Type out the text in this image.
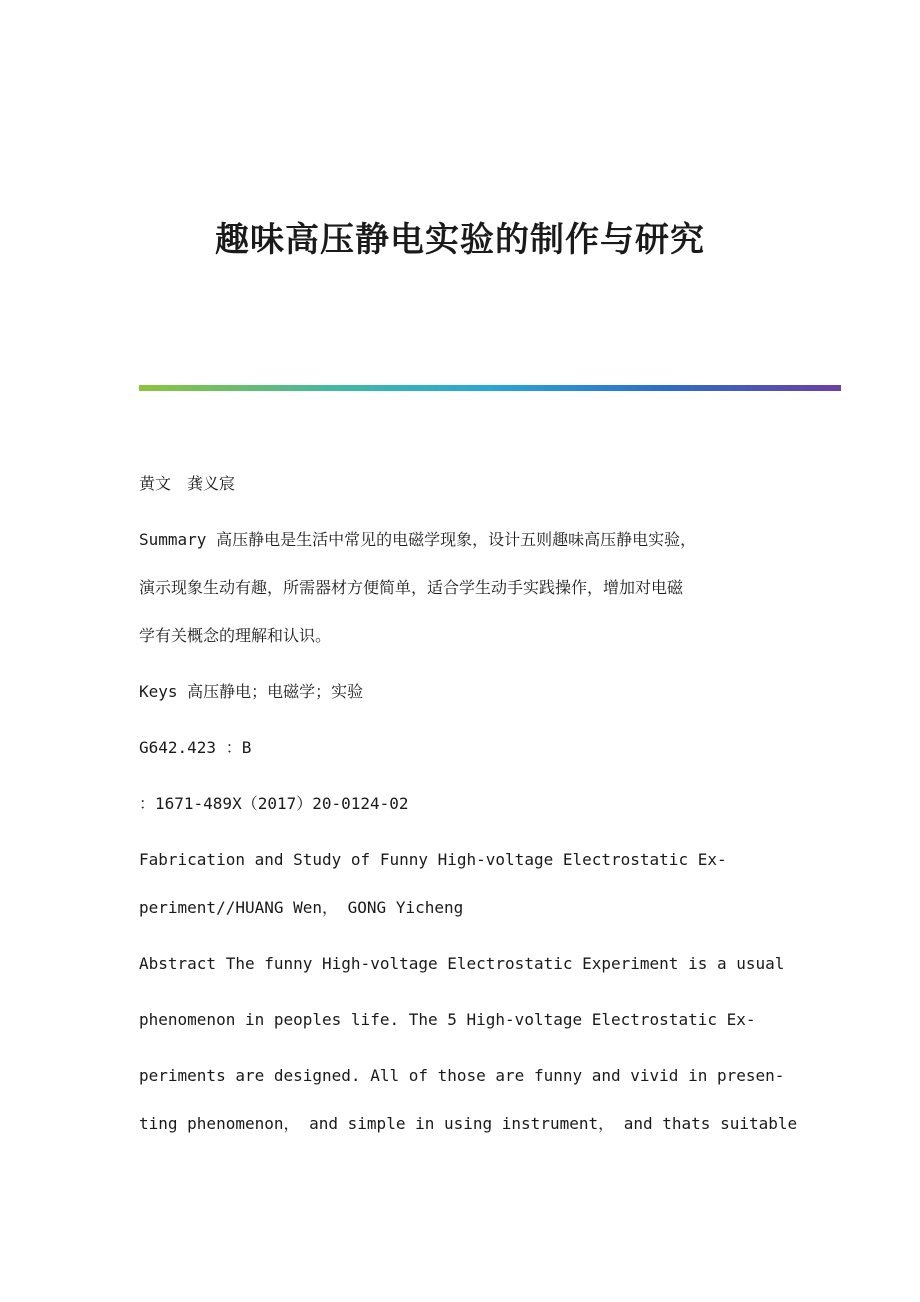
趣味高压静电实验的制作与研究

黄文　龚义宸

Summary 高压静电是生活中常见的电磁学现象，设计五则趣味高压静电实验，

演示现象生动有趣，所需器材方便简单，适合学生动手实践操作，增加对电磁

学有关概念的理解和认识。

Keys 高压静电；电磁学；实验

G642.423 ：B

：1671-489X（2017）20-0124-02

Fabrication and Study of Funny High-voltage Electrostatic Ex-

periment//HUANG Wen， GONG Yicheng

Abstract The funny High-voltage Electrostatic Experiment is a usual

phenomenon in peoples life. The 5 High-voltage Electrostatic Ex-

periments are designed. All of those are funny and vivid in presen-

ting phenomenon， and simple in using instrument， and thats suitable
